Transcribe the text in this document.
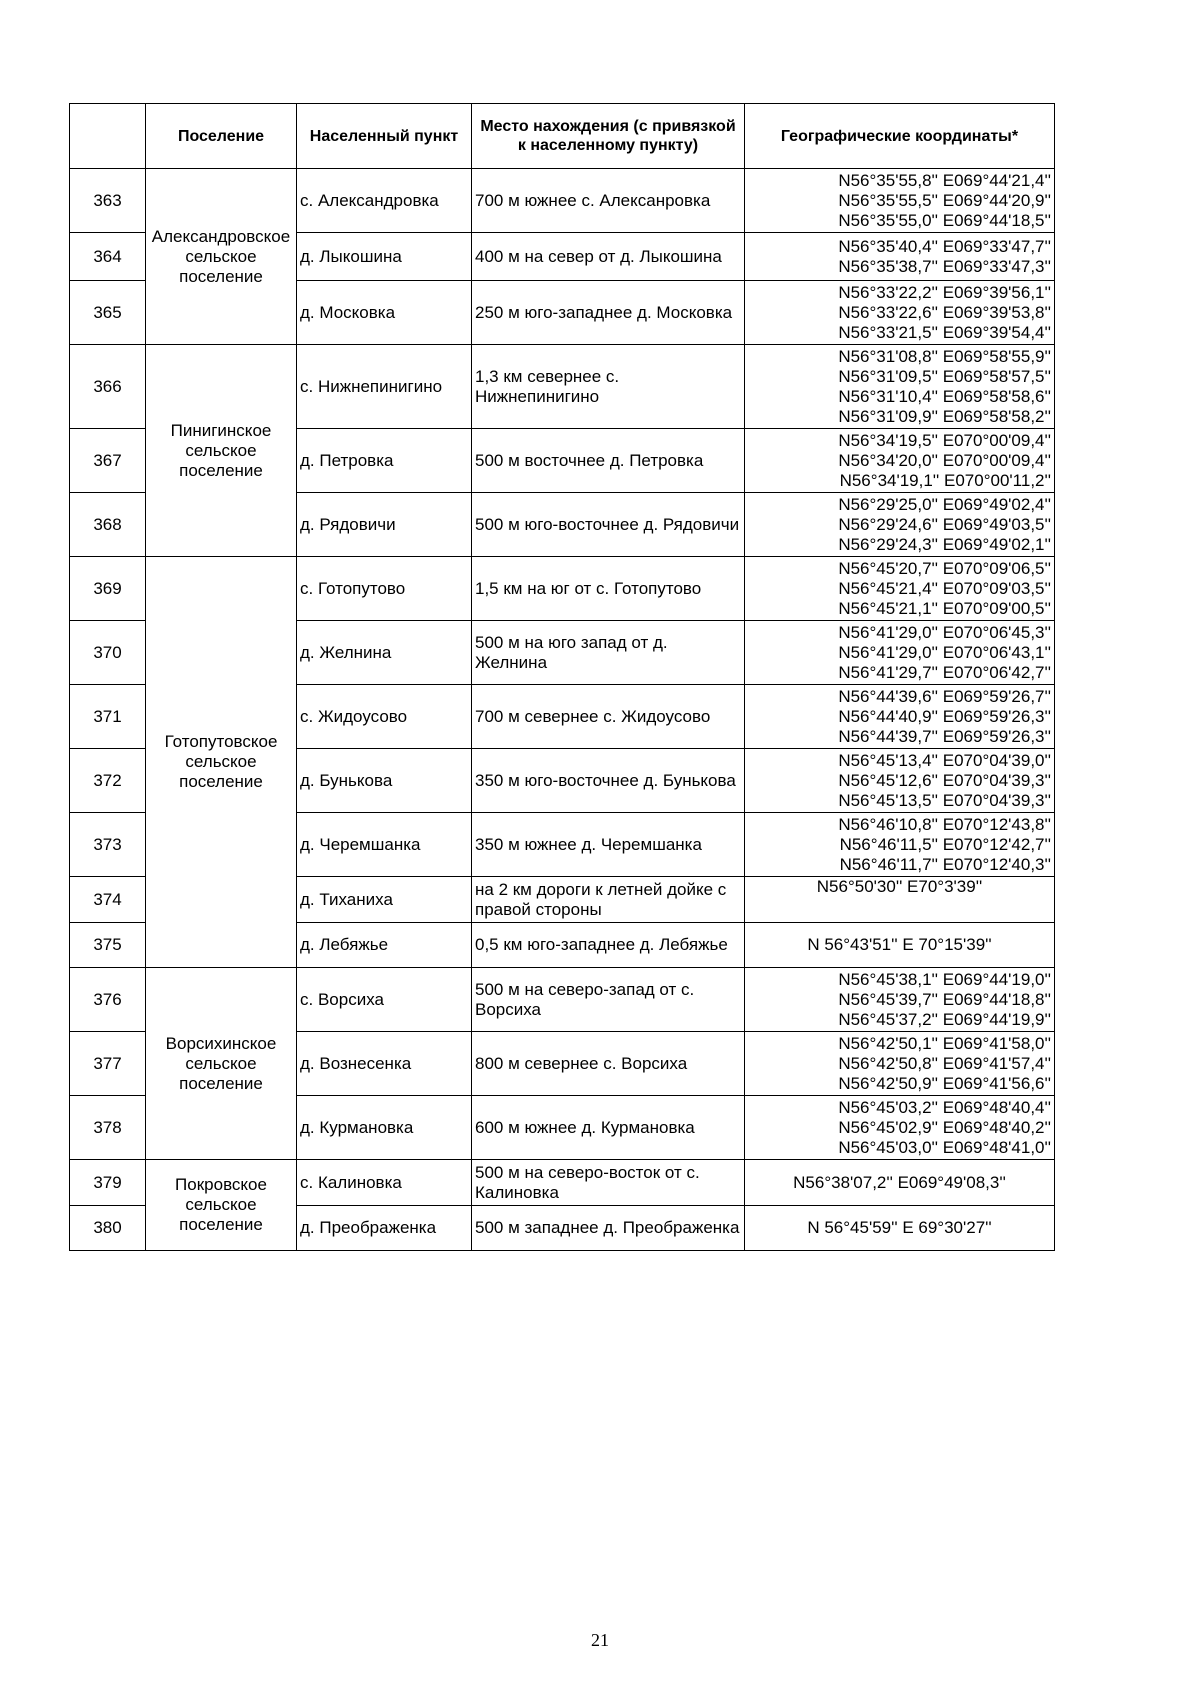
	Поселение	Населенный пункт	Место нахождения (с привязкой к населенному пункту)	Географические координаты*
363	Александровское сельское поселение	с. Александровка	700 м южнее с. Алексанровка	N56°35'55,8'' E069°44'21,4''
N56°35'55,5'' E069°44'20,9''
N56°35'55,0'' E069°44'18,5''

364		д. Лыкошина	400 м на север от д. Лыкошина	N56°35'40,4'' E069°33'47,7''
N56°35'38,7'' E069°33'47,3''

365		д. Московка	250 м юго-западнее д. Московка	N56°33'22,2'' E069°39'56,1''
N56°33'22,6'' E069°39'53,8''
N56°33'21,5'' E069°39'54,4''

366	Пинигинское сельское поселение	с. Нижнепинигино	1,3 км севернее с. Нижнепинигино	N56°31'08,8'' E069°58'55,9''
N56°31'09,5'' E069°58'57,5''
N56°31'10,4'' E069°58'58,6''
N56°31'09,9'' E069°58'58,2''

367		д. Петровка	500 м восточнее д. Петровка	N56°34'19,5'' E070°00'09,4''
N56°34'20,0'' E070°00'09,4''
N56°34'19,1'' E070°00'11,2''

368		д. Рядовичи	500 м юго-восточнее д. Рядовичи	N56°29'25,0'' E069°49'02,4''
N56°29'24,6'' E069°49'03,5''
N56°29'24,3'' E069°49'02,1''

369	Готопутовское сельское поселение	с. Готопутово	1,5 км на юг от с. Готопутово	N56°45'20,7'' E070°09'06,5''
N56°45'21,4'' E070°09'03,5''
N56°45'21,1'' E070°09'00,5''

370		д. Желнина	500 м на юго запад от д. Желнина	N56°41'29,0'' E070°06'45,3''
N56°41'29,0'' E070°06'43,1''
N56°41'29,7'' E070°06'42,7''

371		с. Жидоусово	700 м севернее с. Жидоусово	N56°44'39,6'' E069°59'26,7''
N56°44'40,9'' E069°59'26,3''
N56°44'39,7'' E069°59'26,3''

372		д. Бунькова	350 м юго-восточнее д. Бунькова	N56°45'13,4'' E070°04'39,0''
N56°45'12,6'' E070°04'39,3''
N56°45'13,5'' E070°04'39,3''

373		д. Черемшанка	350 м южнее д. Черемшанка	N56°46'10,8'' E070°12'43,8''
N56°46'11,5'' E070°12'42,7''
N56°46'11,7'' E070°12'40,3''

374		д. Тиханиха	на 2 км дороги к летней дойке с правой стороны	N56°50'30'' E70°3'39''

375		д. Лебяжье	0,5 км юго-западнее д. Лебяжье	N 56°43'51'' E 70°15'39''

376	Ворсихинское сельское поселение	с. Ворсиха	500 м на северо-запад от с. Ворсиха	N56°45'38,1'' E069°44'19,0''
N56°45'39,7'' E069°44'18,8''
N56°45'37,2'' E069°44'19,9''

377		д. Вознесенка	800 м севернее с. Ворсиха	N56°42'50,1'' E069°41'58,0''
N56°42'50,8'' E069°41'57,4''
N56°42'50,9'' E069°41'56,6''

378		д. Курмановка	600 м южнее д. Курмановка	N56°45'03,2'' E069°48'40,4''
N56°45'02,9'' E069°48'40,2''
N56°45'03,0'' E069°48'41,0''

379	Покровское сельское поселение	с. Калиновка	500 м на северо-восток от с. Калиновка	N56°38'07,2'' E069°49'08,3''

380		д. Преображенка	500 м западнее д. Преображенка	N 56°45'59'' E 69°30'27''
21
